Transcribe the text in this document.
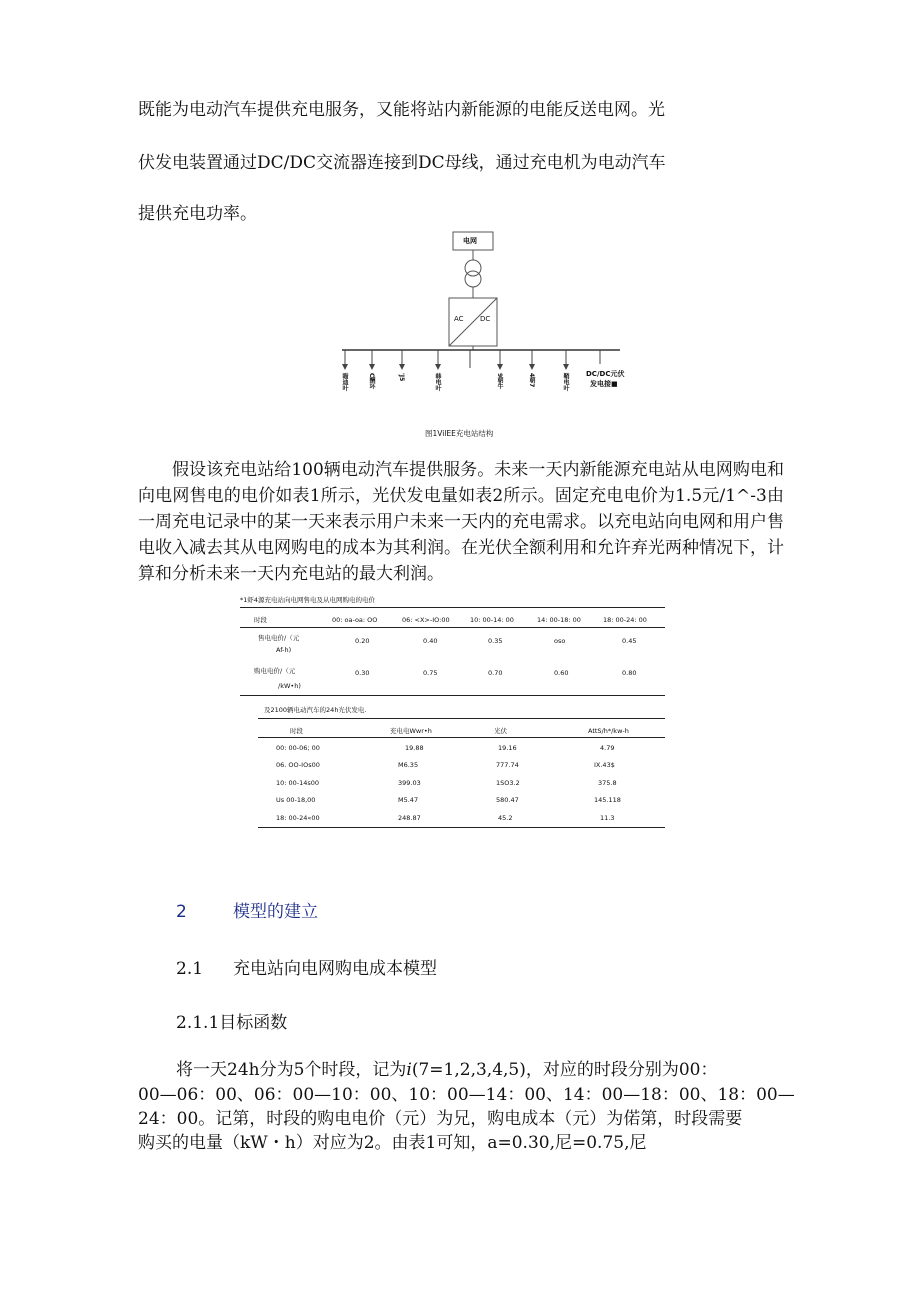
既能为电动汽车提供充电服务，又能将站内新能源的电能反送电网。光
伏发电装置通过DC/DC交流器连接到DC母线，通过充电机为电动汽车
提供充电功率。
电网
AC DC
DC/DC元伏
发电接■
瞄迪叶	C酬坏	'J5	韩电叶	9朝牛	4朝7	鞘电叶
图1VilEE充电站结构
假设该充电站给100辆电动汽车提供服务。未来一天内新能源充电站从电网购电和向电网售电的电价如表1所示，光伏发电量如表2所示。固定充电电价为1.5元/1^-3由一周充电记录中的某一天来表示用户未来一天内的充电需求。以充电站向电网和用户售电收入减去其从电网购电的成本为其利润。在光伏全额利用和允许弃光两种情况下，计算和分析未来一天内充电站的最大利润。
*1虾4源充电站向电网售电及从电网购电的电价
时段	00: oa-oa: OO	06: <X>-IO:00	10: 00-14: 00	14: 00-18: 00	18: 00-24: 00
售电电价/（元
Af-h)
0.20	0.40	0.35	oso	0.45
购电电价/（元
/kW•h)
0.30	0.75	0.70	0.60	0.80
及2100辆电动汽车的24h光伏发电.
时段	充电电Wwr•h	光伏	AttS/h*/kw-h
00: 00-06; 00	19.88	19.16	4.79
06. OO-IOs00	M6.35	777.74	IX.43$
10: 00-14s00	399.03	1SO3.2	375.8
Us 00-18,00	M5.47	580.47	145.118
18: 00-24«00	248.87	45.2	11.3
2	模型的建立
2.1 充电站向电网购电成本模型
2.1.1目标函数
将一天24h分为5个时段，记为i(7=1,2,3,4,5)，对应的时段分别为00：
00—06：00、06：00—10：00、10：00—14：00、14：00—18：00、18：00—
24：00。记第，时段的购电电价（元）为兄，购电成本（元）为偌第，时段需要
购买的电量（kW・h）对应为2。由表1可知，a=0.30,尼=0.75,尼
